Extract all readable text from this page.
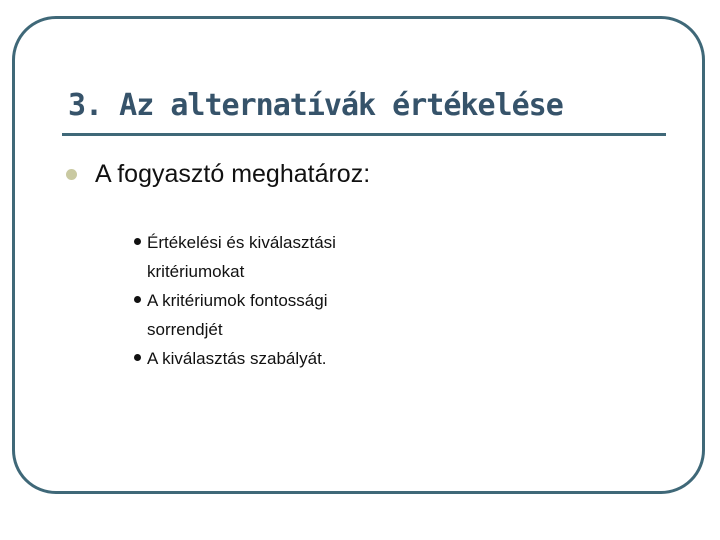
3. Az alternatívák értékelése
A fogyasztó meghatároz:
Értékelési és kiválasztási
kritériumokat
A kritériumok fontossági
sorrendjét
A kiválasztás szabályát.
